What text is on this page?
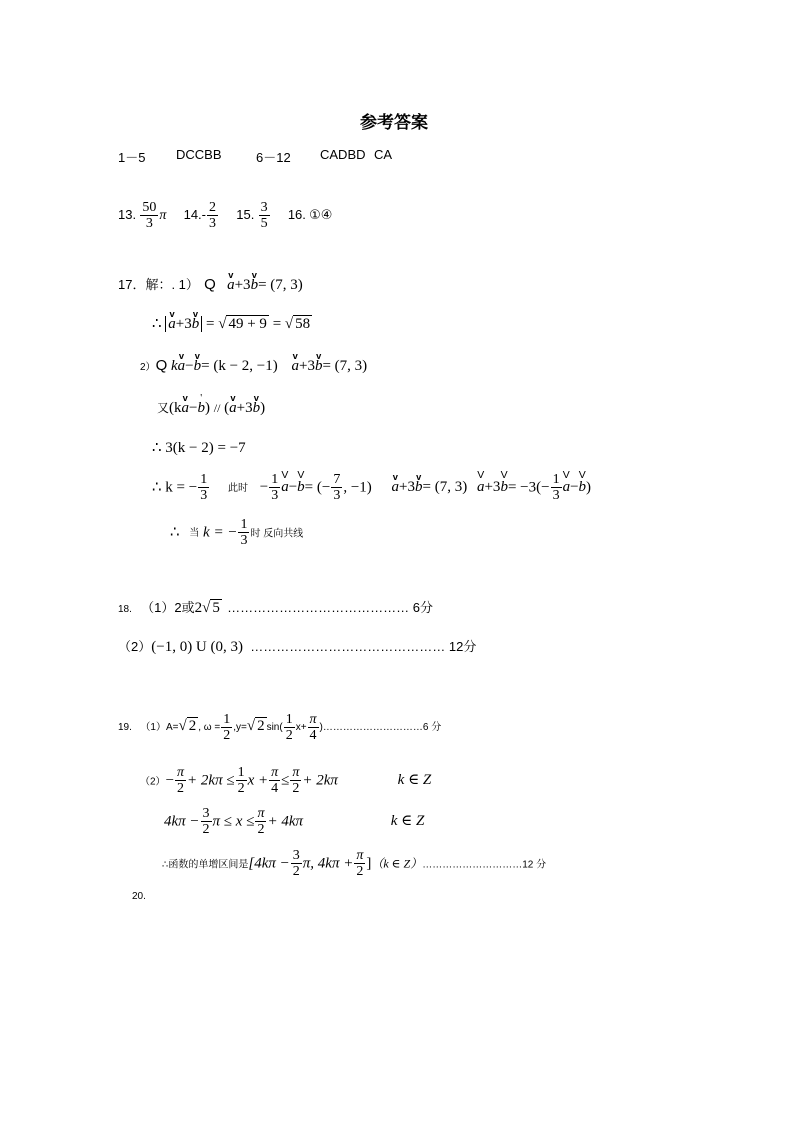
参考答案
1－5 DCCBB	6－12 CADBD CA
13. $\frac{50}{3}$ π $14.- \frac{2}{3} 15$. $\frac{3}{5} 16$. ①④
17．解：. 1） Q v a+3v b= (7, 3)
∴ v a+3v b = √ 49 + 9 = √ 58
2）Q kv a−v b= (k − 2, −1) v a+3v b= (7, 3)
又(kv a−' b) // (v a+3v b)
∴ 3(k − 2) = −7
∴ k = − $\frac{1}{3}$ 此时 − $\frac{1}{3}$ V a−V b= (− $\frac{7}{3}$ , −1) v a+3v b= (7, 3) V a+3V $b= -3(- \frac{1}{3}$ V a−V b)
∴ 当 k = − $\frac{1}{3}$ 时 反向共线
18. （1）2或2√ 5 …………………………………… 6分
（2）(−1, 0) U (0, 3) ……………………………………… 12分
19. （1）A=√ 2 , $\omega = \frac{1}{2} ,y=√$ 2 $\sin( \frac{1}{2} x+ \frac{\pi}{4}$ )…………………………6 分
$(2)- \frac{\pi}{2} + 2k\pi \le \frac{1}{2}$ $x + \frac{\pi}{4} \le \frac{\pi}{2} + 2k\pi$	k ∈ Z
$4k\pi - \frac{3}{2}$ $\pi \le x \le \frac{\pi}{2} + 4k\pi$	k ∈ Z
∴函数的单增区间是[$4k\pi - \frac{3}{2} \pi$, $4k\pi + \frac{\pi}{2} ](k$ ∈ Z）…………………………12 分
20.
